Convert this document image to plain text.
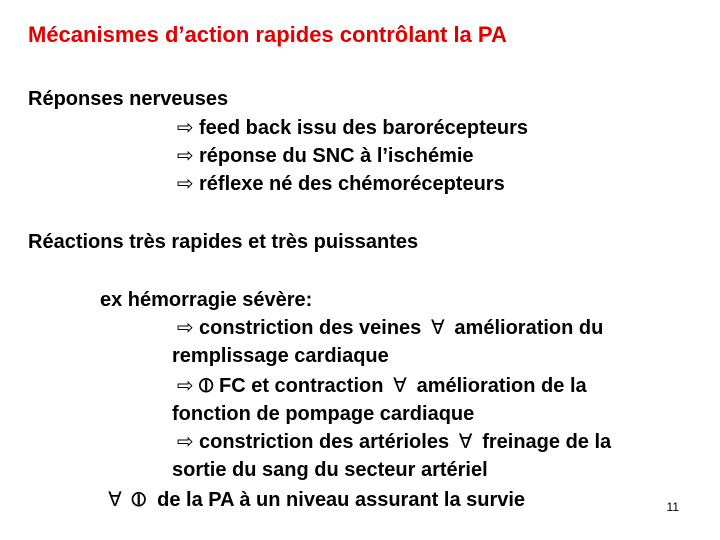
Mécanismes d’action rapides contrôlant la PA
Réponses nerveuses
⇨ feed back issu des barorécepteurs
⇨ réponse du SNC à l’ischémie
⇨ réflexe né des chémorécepteurs
Réactions très rapides et très puissantes
ex hémorragie sévère:
⇨ constriction des veines ∀ amélioration du
remplissage cardiaque
⇨ ⦶ FC et contraction ∀ amélioration de la
fonction de pompage cardiaque
⇨ constriction des artérioles ∀ freinage de la
sortie du sang du secteur artériel
∀ ⦶ de la PA à un niveau assurant la survie	11
